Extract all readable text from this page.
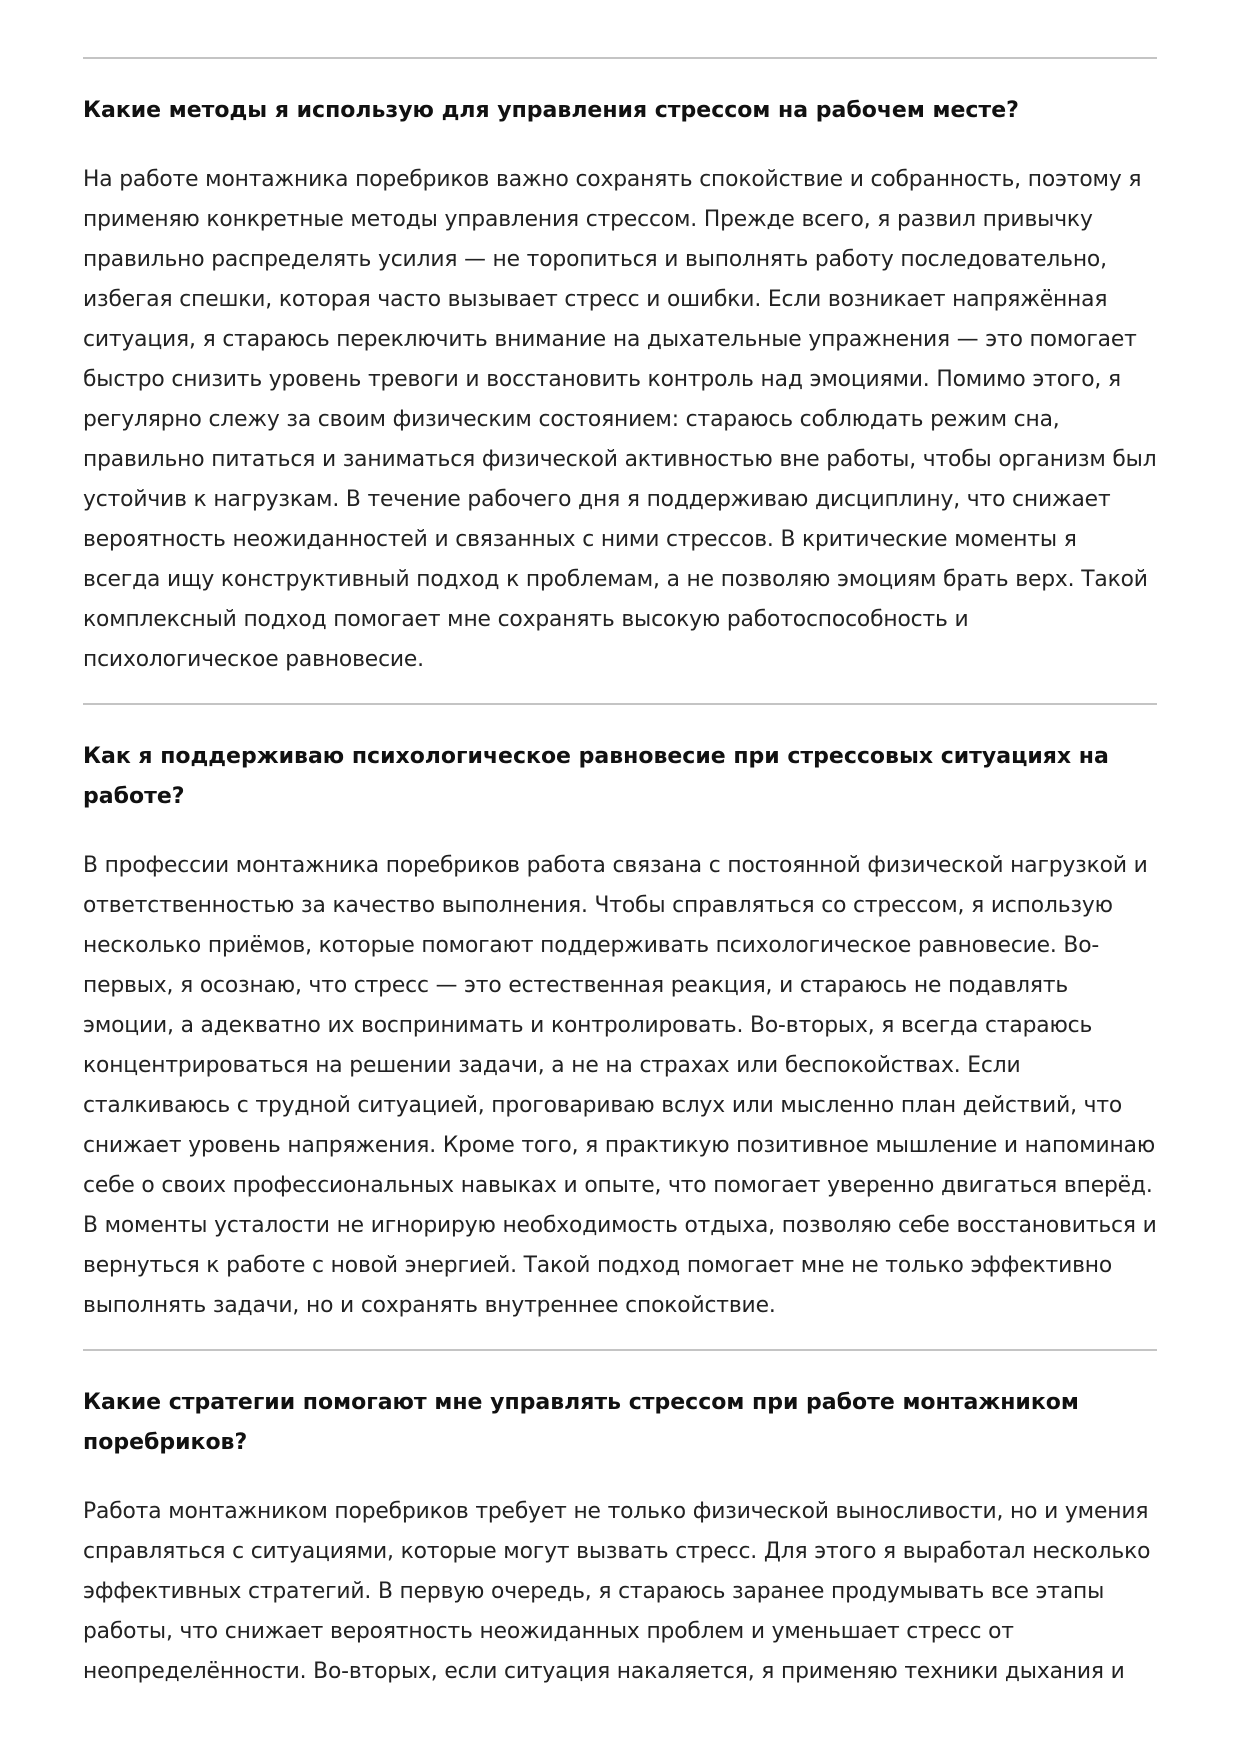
Какие методы я использую для управления стрессом на рабочем месте?

На работе монтажника поребриков важно сохранять спокойствие и собранность, поэтому я применяю конкретные методы управления стрессом. Прежде всего, я развил привычку правильно распределять усилия — не торопиться и выполнять работу последовательно, избегая спешки, которая часто вызывает стресс и ошибки. Если возникает напряжённая ситуация, я стараюсь переключить внимание на дыхательные упражнения — это помогает быстро снизить уровень тревоги и восстановить контроль над эмоциями. Помимо этого, я регулярно слежу за своим физическим состоянием: стараюсь соблюдать режим сна, правильно питаться и заниматься физической активностью вне работы, чтобы организм был устойчив к нагрузкам. В течение рабочего дня я поддерживаю дисциплину, что снижает вероятность неожиданностей и связанных с ними стрессов. В критические моменты я всегда ищу конструктивный подход к проблемам, а не позволяю эмоциям брать верх. Такой комплексный подход помогает мне сохранять высокую работоспособность и психологическое равновесие.

Как я поддерживаю психологическое равновесие при стрессовых ситуациях на работе?

В профессии монтажника поребриков работа связана с постоянной физической нагрузкой и ответственностью за качество выполнения. Чтобы справляться со стрессом, я использую несколько приёмов, которые помогают поддерживать психологическое равновесие. Во-первых, я осознаю, что стресс — это естественная реакция, и стараюсь не подавлять эмоции, а адекватно их воспринимать и контролировать. Во-вторых, я всегда стараюсь концентрироваться на решении задачи, а не на страхах или беспокойствах. Если сталкиваюсь с трудной ситуацией, проговариваю вслух или мысленно план действий, что снижает уровень напряжения. Кроме того, я практикую позитивное мышление и напоминаю себе о своих профессиональных навыках и опыте, что помогает уверенно двигаться вперёд. В моменты усталости не игнорирую необходимость отдыха, позволяю себе восстановиться и вернуться к работе с новой энергией. Такой подход помогает мне не только эффективно выполнять задачи, но и сохранять внутреннее спокойствие.

Какие стратегии помогают мне управлять стрессом при работе монтажником поребриков?

Работа монтажником поребриков требует не только физической выносливости, но и умения справляться с ситуациями, которые могут вызвать стресс. Для этого я выработал несколько эффективных стратегий. В первую очередь, я стараюсь заранее продумывать все этапы работы, что снижает вероятность неожиданных проблем и уменьшает стресс от неопределённости. Во-вторых, если ситуация накаляется, я применяю техники дыхания и
